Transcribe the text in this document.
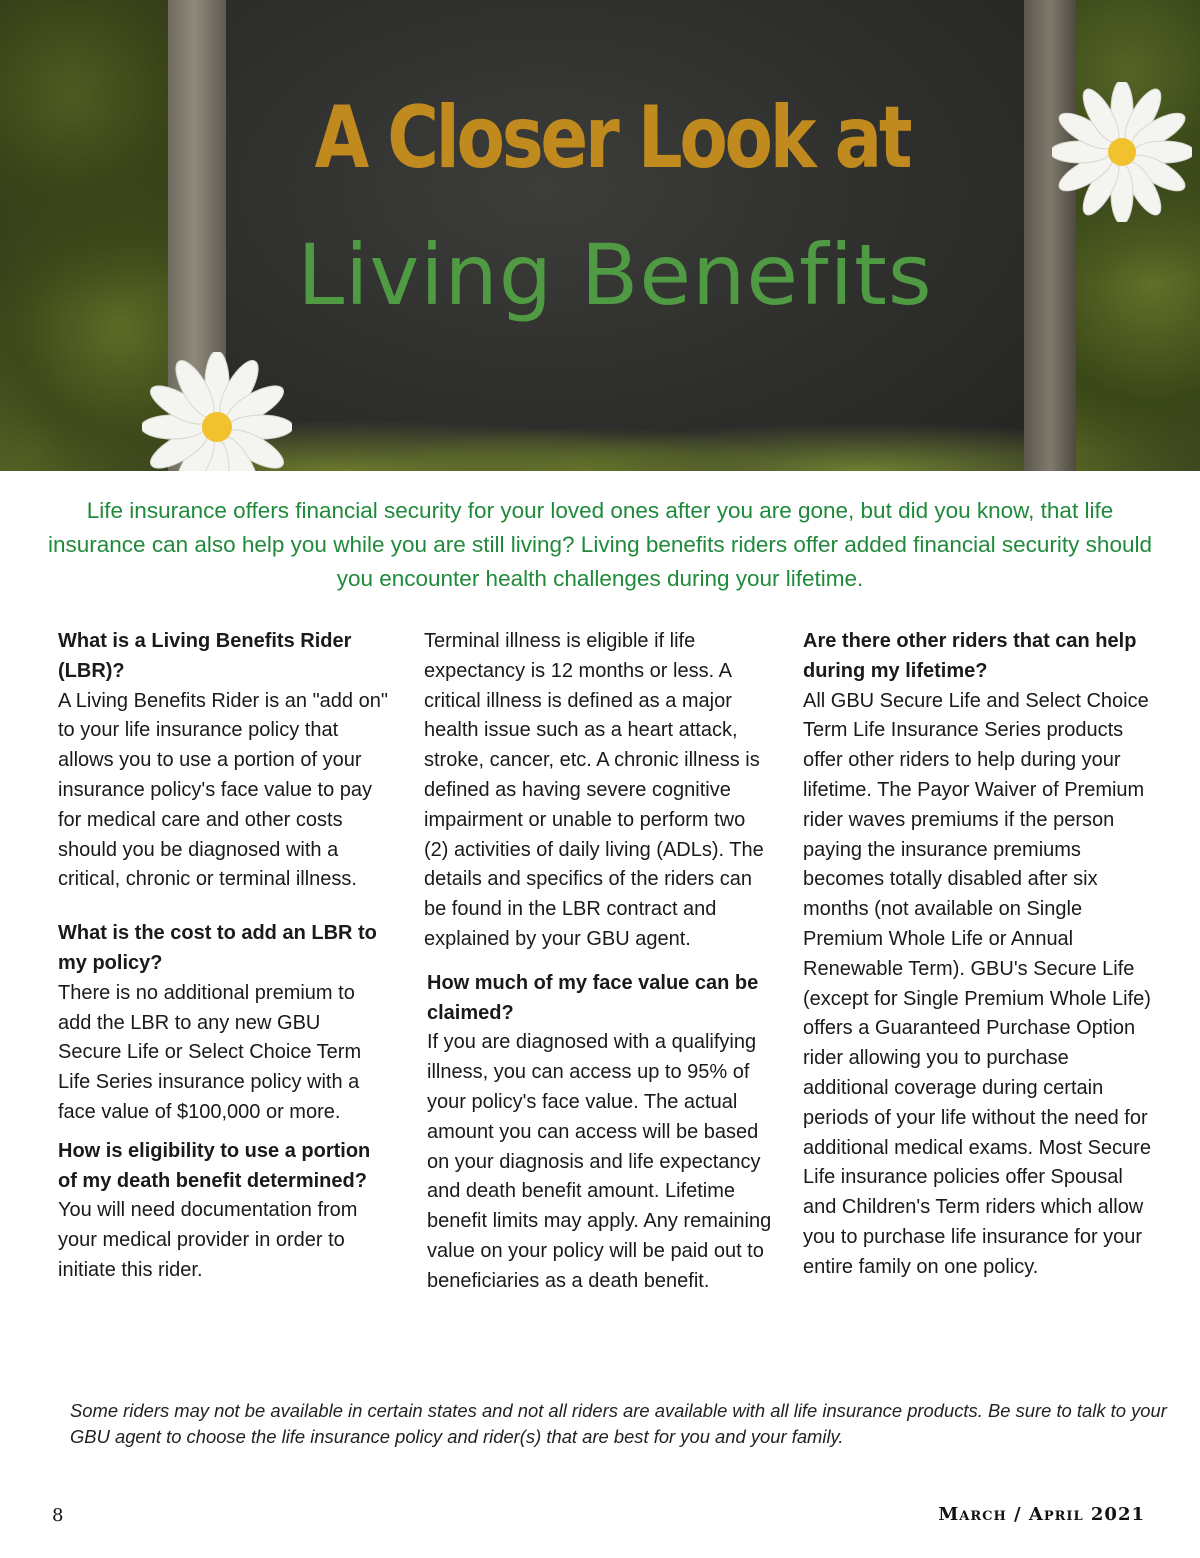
A Closer Look at
Living Benefits
Life insurance offers financial security for your loved ones after you are gone, but did you know, that life insurance can also help you while you are still living? Living benefits riders offer added financial security should you encounter health challenges during your lifetime.

What is a Living Benefits Rider (LBR)?

A Living Benefits Rider is an "add on" to your life insurance policy that allows you to use a portion of your insurance policy's face value to pay for medical care and other costs should you be diagnosed with a critical, chronic or terminal illness.

What is the cost to add an LBR to my policy?

There is no additional premium to add the LBR to any new GBU Secure Life or Select Choice Term Life Series insurance policy with a face value of $100,000 or more.

How is eligibility to use a portion of my death benefit determined?

You will need documentation from your medical provider in order to initiate this rider.

Terminal illness is eligible if life expectancy is 12 months or less. A critical illness is defined as a major health issue such as a heart attack, stroke, cancer, etc. A chronic illness is defined as having severe cognitive impairment or unable to perform two (2) activities of daily living (ADLs). The details and specifics of the riders can be found in the LBR contract and explained by your GBU agent.

How much of my face value can be claimed?

If you are diagnosed with a qualifying illness, you can access up to 95% of your policy's face value. The actual amount you can access will be based on your diagnosis and life expectancy and death benefit amount. Lifetime benefit limits may apply. Any remaining value on your policy will be paid out to beneficiaries as a death benefit.

Are there other riders that can help during my lifetime?

All GBU Secure Life and Select Choice Term Life Insurance Series products offer other riders to help during your lifetime. The Payor Waiver of Premium rider waves premiums if the person paying the insurance premiums becomes totally disabled after six months (not available on Single Premium Whole Life or Annual Renewable Term). GBU's Secure Life (except for Single Premium Whole Life) offers a Guaranteed Purchase Option rider allowing you to purchase additional coverage during certain periods of your life without the need for additional medical exams. Most Secure Life insurance policies offer Spousal and Children's Term riders which allow you to purchase life insurance for your entire family on one policy.

Some riders may not be available in certain states and not all riders are available with all life insurance products. Be sure to talk to your GBU agent to choose the life insurance policy and rider(s) that are best for you and your family.
8	March / April 2021
